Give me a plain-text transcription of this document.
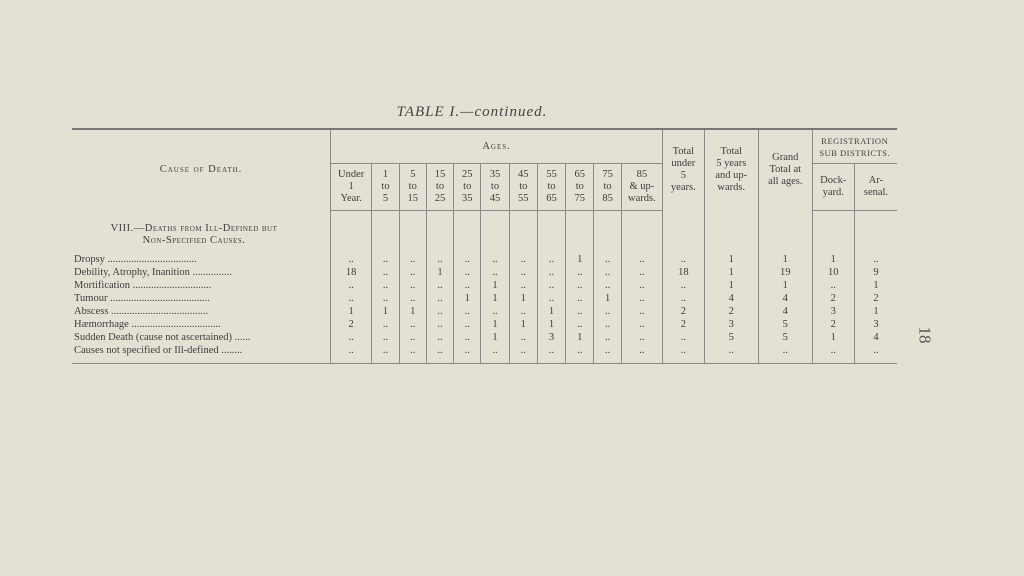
TABLE I.—continued.
18
Cause of Death.	Ages.											Total
under
5
years.	Total
5 years
and up-
wards.	Grand
Total at
all ages.	REGISTRATION
SUB DISTRICTS.	
	Under
1
Year.	1
to
5	5
to
15	15
to
25	25
to
35	35
to
45	45
to
55	55
to
65	65
to
75	75
to
85	85
& up-
wards.				Dock-
yard.	Ar-
senal.

VIII.—Deaths from Ill-Defined but
Non-Specified Causes.																

Dropsy ..................................	..	..	..	..	..	..	..	..	1	..	..	..	1	1	1	..
Debility, Atrophy, Inanition ...............	18	..	..	1	..	..	..	..	..	..	..	18	1	19	10	9
Mortification ..............................	..	..	..	..	..	1	..	..	..	..	..	..	1	1	..	1
Tumour ......................................	..	..	..	..	1	1	1	..	..	1	..	..	4	4	2	2
Abscess .....................................	1	1	1	..	..	..	..	1	..	..	..	2	2	4	3	1
Hæmorrhage ..................................	2	..	..	..	..	1	1	1	..	..	..	2	3	5	2	3
Sudden Death (cause not ascertained) ......	..	..	..	..	..	1	..	3	1	..	..	..	5	5	1	4
Causes not specified or Ill-defined ........	..	..	..	..	..	..	..	..	..	..	..	..	..	..	..	..
